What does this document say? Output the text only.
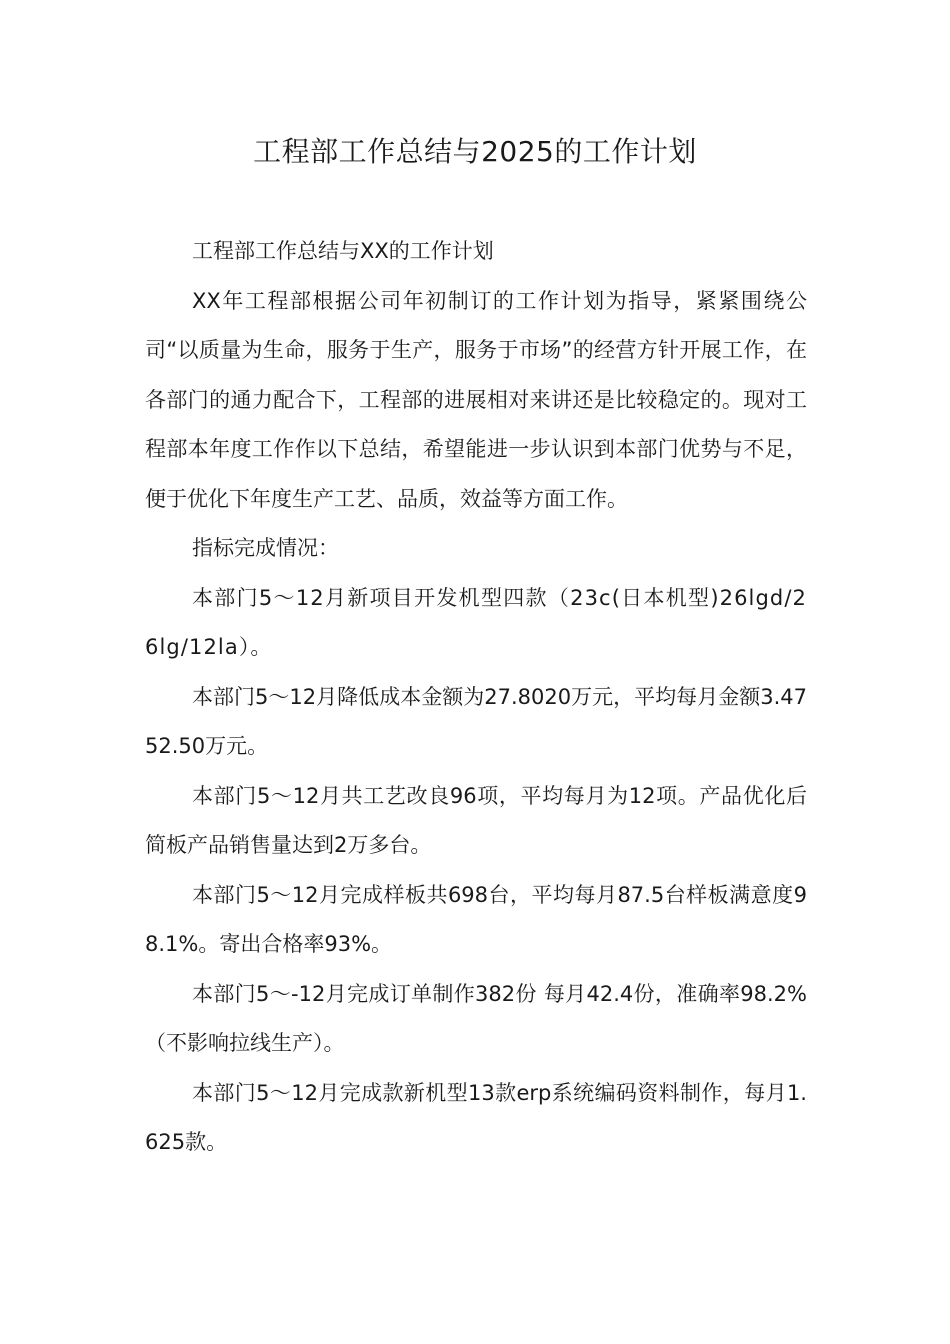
工程部工作总结与2025的工作计划

工程部工作总结与XX的工作计划

XX年工程部根据公司年初制订的工作计划为指导，紧紧围绕公司“以质量为生命，服务于生产，服务于市场”的经营方针开展工作，在各部门的通力配合下，工程部的进展相对来讲还是比较稳定的。现对工程部本年度工作作以下总结，希望能进一步认识到本部门优势与不足，便于优化下年度生产工艺、品质，效益等方面工作。

指标完成情况：

本部门5～12月新项目开发机型四款（23c(日本机型)26lgd/26lg/12la）。

本部门5～12月降低成本金额为27.8020万元，平均每月金额3.4752.50万元。

本部门5～12月共工艺改良96项，平均每月为12项。产品优化后简板产品销售量达到2万多台。

本部门5～12月完成样板共698台，平均每月87.5台样板满意度98.1%。寄出合格率93%。

本部门5～-12月完成订单制作382份 每月42.4份，准确率98.2%（不影响拉线生产）。

本部门5～12月完成款新机型13款erp系统编码资料制作，每月1.625款。
